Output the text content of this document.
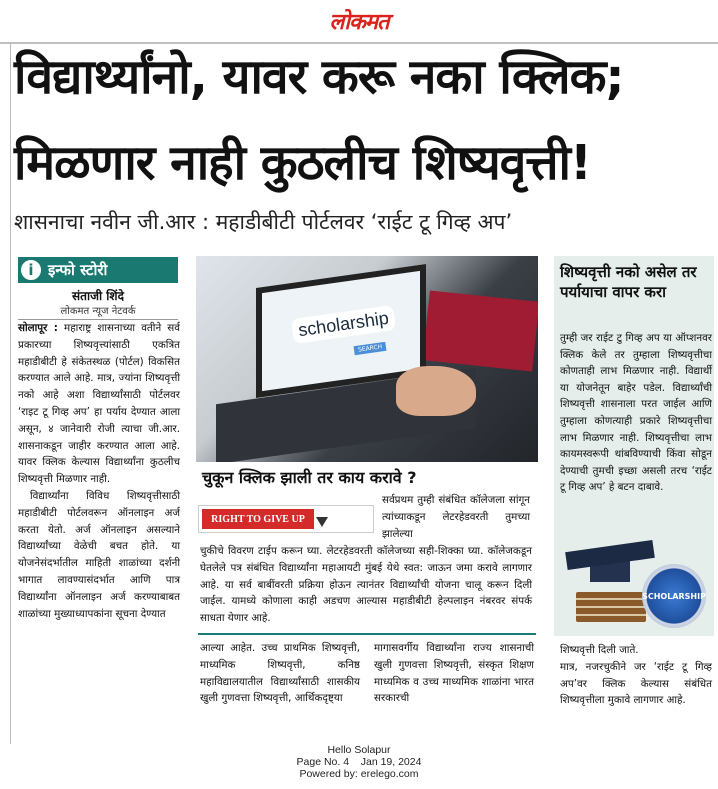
लोकमत
विद्यार्थ्यांनो, यावर करू नका क्लिक;
मिळणार नाही कुठलीच शिष्यवृत्ती!
शासनाचा नवीन जी.आर : महाडीबीटी पोर्टलवर ‘राईट टू गिव्ह अप’
i इन्फो स्टोरी
संताजी शिंदे
लोकमत न्यूज नेटवर्क

सोलापूर : महाराष्ट्र शासनाच्या वतीने सर्व प्रकारच्या शिष्यवृत्त्यांसाठी एकत्रित महाडीबीटी हे संकेतस्थळ (पोर्टल) विकसित करण्यात आले आहे. मात्र, ज्यांना शिष्यवृत्ती नको आहे अशा विद्यार्थ्यांसाठी पोर्टलवर ‘राइट टू गिव्ह अप’ हा पर्याय देण्यात आला असून, ४ जानेवारी रोजी त्याचा जी.आर. शासनाकडून जाहीर करण्यात आला आहे. यावर क्लिक केल्यास विद्यार्थ्यांना कुठलीच शिष्यवृत्ती मिळणार नाही.

विद्यार्थ्यांना विविध शिष्यवृत्तीसाठी महाडीबीटी पोर्टलवरून ऑनलाइन अर्ज करता येतो. अर्ज ऑनलाइन असल्याने विद्यार्थ्यांच्या वेळेची बचत होते. या योजनेसंदर्भातील माहिती शाळांच्या दर्शनी भागात लावण्यासंदर्भात आणि पात्र विद्यार्थ्यांना ऑनलाइन अर्ज करण्याबाबत शाळांच्या मुख्याध्यापकांना सूचना देण्यात

scholarship
SEARCH
चुकून क्लिक झाली तर काय करावे ?
RIGHT TO GIVE UP
सर्वप्रथम तुम्ही संबंधित कॉलेजला सांगून त्यांच्याकडून लेटरहेडवरती तुमच्या झालेल्या
चुकीचे विवरण टाईप करून घ्या. लेटरहेडवरती कॉलेजच्या सही-शिक्का घ्या. कॉलेजकडून घेतलेले पत्र संबंधित विद्यार्थ्यांना महाआयटी मुंबई येथे स्वत: जाऊन जमा करावे लागणार आहे. या सर्व बाबींवरती प्रक्रिया होऊन त्यानंतर विद्यार्थ्यांची योजना चालू करून दिली जाईल. यामध्ये कोणाला काही अडचण आल्यास महाडीबीटी हेल्पलाइन नंबरवर संपर्क साधता येणार आहे.
आल्या आहेत. उच्च प्राथमिक शिष्यवृत्ती, माध्यमिक शिष्यवृत्ती, कनिष्ठ महाविद्यालयातील विद्यार्थ्यांसाठी शासकीय खुली गुणवत्ता शिष्यवृत्ती, आर्थिकदृष्ट्या
मागासवर्गीय विद्यार्थ्यांना राज्य शासनाची खुली गुणवत्ता शिष्यवृत्ती, संस्कृत शिक्षण माध्यमिक व उच्च माध्यमिक शाळांना भारत सरकारची
शिष्यवृत्ती नको असेल तर पर्यायाचा वापर करा
तुम्ही जर राईट टु गिव्ह अप या ऑप्शनवर क्लिक केले तर तुम्हाला शिष्यवृत्तीचा कोणताही लाभ मिळणार नाही. विद्यार्थी या योजनेतून बाहेर पडेल. विद्यार्थ्यांची शिष्यवृत्ती शासनाला परत जाईल आणि तुम्हाला कोणत्याही प्रकारे शिष्यवृत्तीचा लाभ मिळणार नाही. शिष्यवृत्तीचा लाभ कायमस्वरूपी थांबविण्याची किंवा सोडून देण्याची तुमची इच्छा असली तरच ‘राईट टू गिव्ह अप’ हे बटन दाबावे.
SCHOLARSHIP
शिष्यवृत्ती दिली जाते.
मात्र, नजरचुकीने जर ‘राईट टू गिव्ह अप’वर क्लिक केल्यास संबंधित शिष्यवृत्तीला मुकावे लागणार आहे.
Hello Solapur
Page No. 4    Jan 19, 2024
Powered by: erelego.com
